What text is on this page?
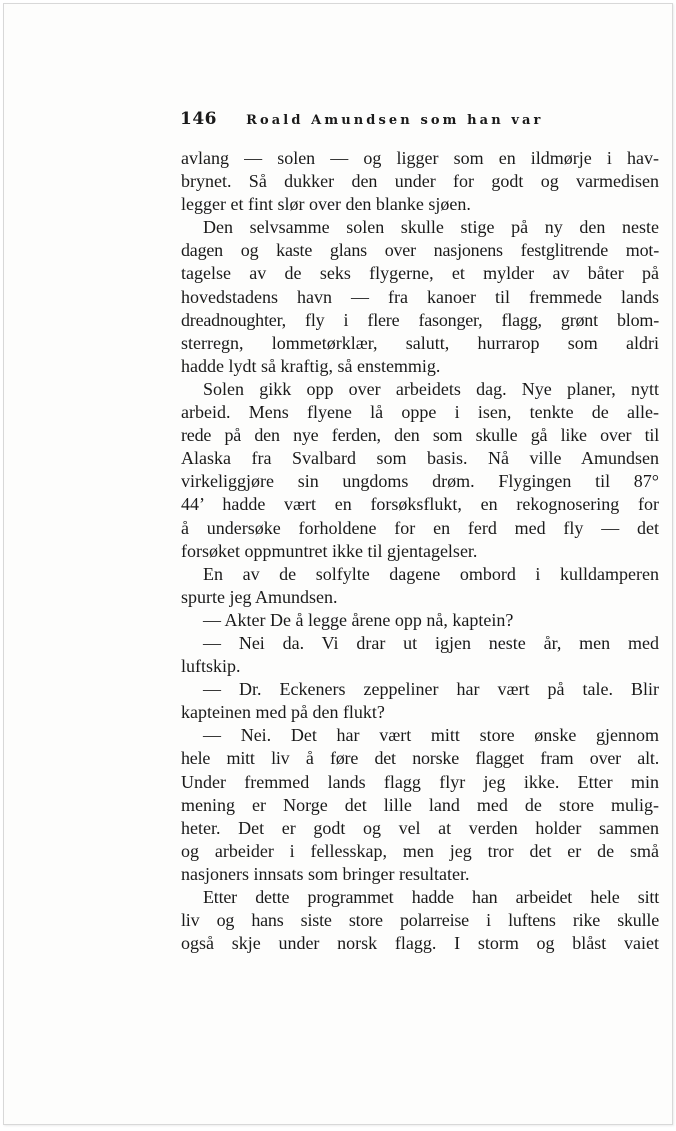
146 Roald Amundsen som han var
avlang — solen — og ligger som en ildmørje i hav-
brynet. Så dukker den under for godt og varmedisen
legger et fint slør over den blanke sjøen.
Den selvsamme solen skulle stige på ny den neste
dagen og kaste glans over nasjonens festglitrende mot-
tagelse av de seks flygerne, et mylder av båter på
hovedstadens havn — fra kanoer til fremmede lands
dreadnoughter, fly i flere fasonger, flagg, grønt blom-
sterregn, lommetørklær, salutt, hurrarop som aldri
hadde lydt så kraftig, så enstemmig.
Solen gikk opp over arbeidets dag. Nye planer, nytt
arbeid. Mens flyene lå oppe i isen, tenkte de alle-
rede på den nye ferden, den som skulle gå like over til
Alaska fra Svalbard som basis. Nå ville Amundsen
virkeliggjøre sin ungdoms drøm. Flygingen til 87°
44’ hadde vært en forsøksflukt, en rekognosering for
å undersøke forholdene for en ferd med fly — det
forsøket oppmuntret ikke til gjentagelser.
En av de solfylte dagene ombord i kulldamperen
spurte jeg Amundsen.
— Akter De å legge årene opp nå, kaptein?
— Nei da. Vi drar ut igjen neste år, men med
luftskip.
— Dr. Eckeners zeppeliner har vært på tale. Blir
kapteinen med på den flukt?
— Nei. Det har vært mitt store ønske gjennom
hele mitt liv å føre det norske flagget fram over alt.
Under fremmed lands flagg flyr jeg ikke. Etter min
mening er Norge det lille land med de store mulig-
heter. Det er godt og vel at verden holder sammen
og arbeider i fellesskap, men jeg tror det er de små
nasjoners innsats som bringer resultater.
Etter dette programmet hadde han arbeidet hele sitt
liv og hans siste store polarreise i luftens rike skulle
også skje under norsk flagg. I storm og blåst vaiet
